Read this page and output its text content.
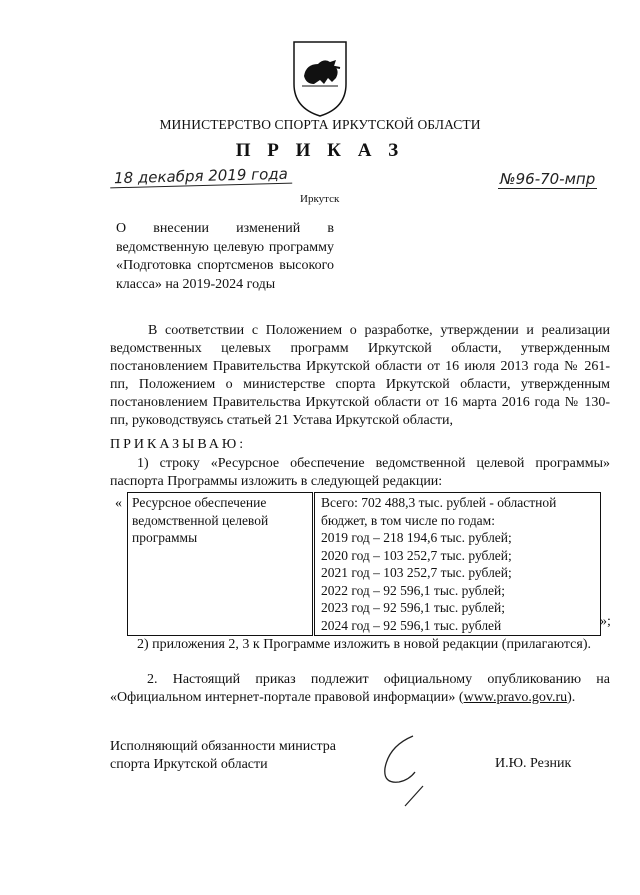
МИНИСТЕРСТВО СПОРТА ИРКУТСКОЙ ОБЛАСТИ
П Р И К А З
18 декабря 2019 года	№96-70-мпр
Иркутск
О внесении изменений в ведомственную целевую программу «Подготовка спортсменов высокого класса» на 2019-2024 годы
В соответствии с Положением о разработке, утверждении и реализации ведомственных целевых программ Иркутской области, утвержденным постановлением Правительства Иркутской области от 16 июля 2013 года № 261-пп, Положением о министерстве спорта Иркутской области, утвержденным постановлением Правительства Иркутской области от 16 марта 2016 года № 130-пп, руководствуясь статьей 21 Устава Иркутской области,
ПРИКАЗЫВАЮ:
1) строку «Ресурсное обеспечение ведомственной целевой программы» паспорта Программы изложить в следующей редакции:
« Ресурсное обеспечение ведомственной целевой программы	
Всего: 702 488,3 тыс. рублей - областной бюджет, в том числе по годам:
2019 год – 218 194,6 тыс. рублей;
2020 год – 103 252,7 тыс. рублей;
2021 год – 103 252,7 тыс. рублей;
2022 год – 92 596,1 тыс. рублей;
2023 год – 92 596,1 тыс. рублей;
2024 год – 92 596,1 тыс. рублей	»;
2) приложения 2, 3 к Программе изложить в новой редакции (прилагаются).
2. Настоящий приказ подлежит официальному опубликованию на «Официальном интернет-портале правовой информации» (www.pravo.gov.ru).
Исполняющий обязанности министра
спорта Иркутской области	И.Ю. Резник
